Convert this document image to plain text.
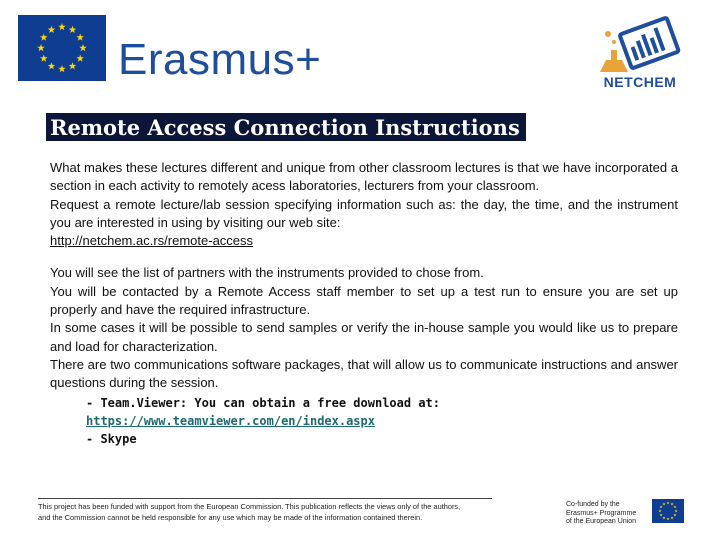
Erasmus+	NETCHEM
Remote Access Connection Instructions

What makes these lectures different and unique from other classroom lectures is that we have incorporated a section in each activity to remotely acess laboratories, lecturers from your classroom.

Request a remote lecture/lab session specifying information such as: the day, the time, and the instrument you are interested in using by visiting our web site:

http://netchem.ac.rs/remote-access

You will see the list of partners with the instruments provided to chose from.

You will be contacted by a Remote Access staff member to set up a test run to ensure you are set up properly and have the required infrastructure.

In some cases it will be possible to send samples or verify the in-house sample you would like us to prepare and load for characterization.

There are two communications software packages, that will allow us to communicate instructions and answer questions during the session.

- Team.Viewer: You can obtain a free download at:
https://www.teamviewer.com/en/index.aspx
- Skype
This project has been funded with support from the European Commission. This publication reflects the views only of the authors,
and the Commission cannot be held responsible for any use which may be made of the information contained therein.
Co-funded by the
Erasmus+ Programme
of the European Union
